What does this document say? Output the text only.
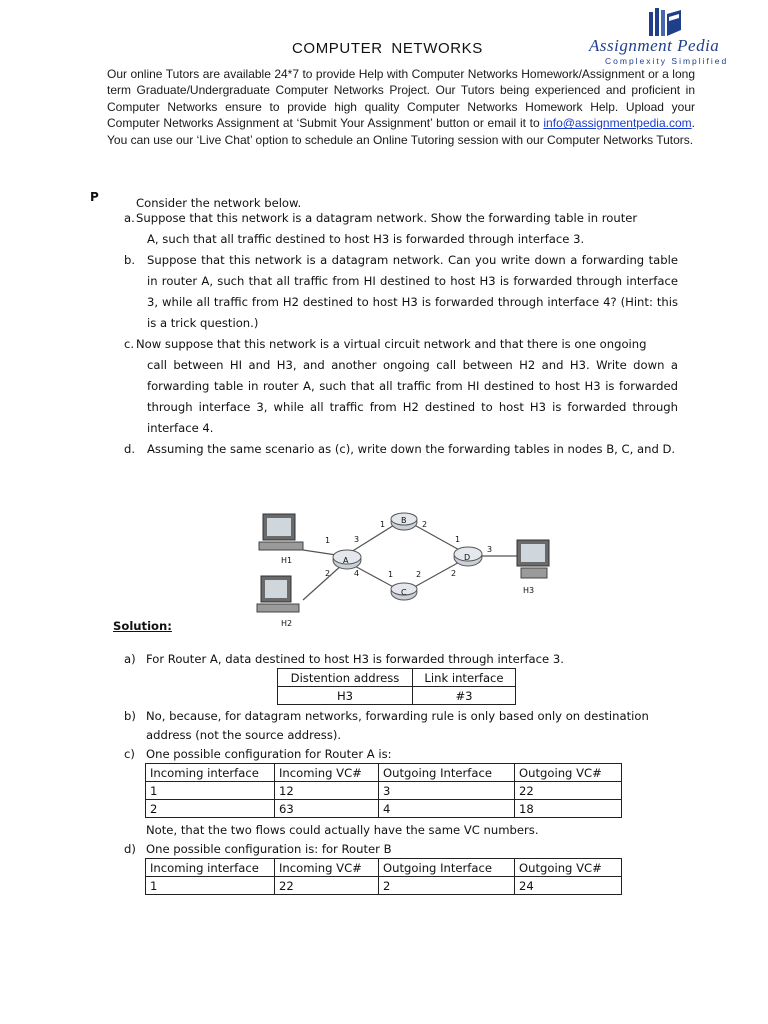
COMPUTER NETWORKS	Assignment Pedia
Complexity Simplified
Our online Tutors are available 24*7 to provide Help with Computer Networks Homework/Assignment or a long term Graduate/Undergraduate Computer Networks Project. Our Tutors being experienced and proficient in Computer Networks ensure to provide high quality Computer Networks Homework Help. Upload your Computer Networks Assignment at ‘Submit Your Assignment’ button or email it to info@assignmentpedia.com. You can use our ‘Live Chat’ option to schedule an Online Tutoring session with our Computer Networks Tutors.
P	Consider the network below.
a. Suppose that this network is a datagram network. Show the forwarding table in router
A, such that all traffic destined to host H3 is forwarded through interface 3.
b.	Suppose that this network is a datagram network. Can you write down a forwarding table in router A, such that all traffic from HI destined to host H3 is forwarded through interface 3, while all traffic from H2 destined to host H3 is forwarded through interface 4? (Hint: this is a trick question.)
c. Now suppose that this network is a virtual circuit network and that there is one ongoing
call between HI and H3, and another ongoing call between H2 and H3. Write down a forwarding table in router A, such that all traffic from HI destined to host H3 is forwarded through interface 3, while all traffic from H2 destined to host H3 is forwarded through interface 4.
d.	Assuming the same scenario as (c), write down the forwarding tables in nodes B, C, and D.
H1
H2
H3
A
B
C
D
1
2
3
4
1	2
1	2
1
2
3
Solution:
a) For Router A, data destined to host H3 is forwarded through interface 3.
b) No, because, for datagram networks, forwarding rule is only based only on destination address (not the source address).
c) One possible configuration for Router A is:
Note, that the two flows could actually have the same VC numbers.
d) One possible configuration is: for Router B
Distention address	Link interface
H3	#3
Incoming interface	Incoming VC#	Outgoing Interface	Outgoing VC#
1	12	3	22
2	63	4	18
Incoming interface	Incoming VC#	Outgoing Interface	Outgoing VC#
1	22	2	24
